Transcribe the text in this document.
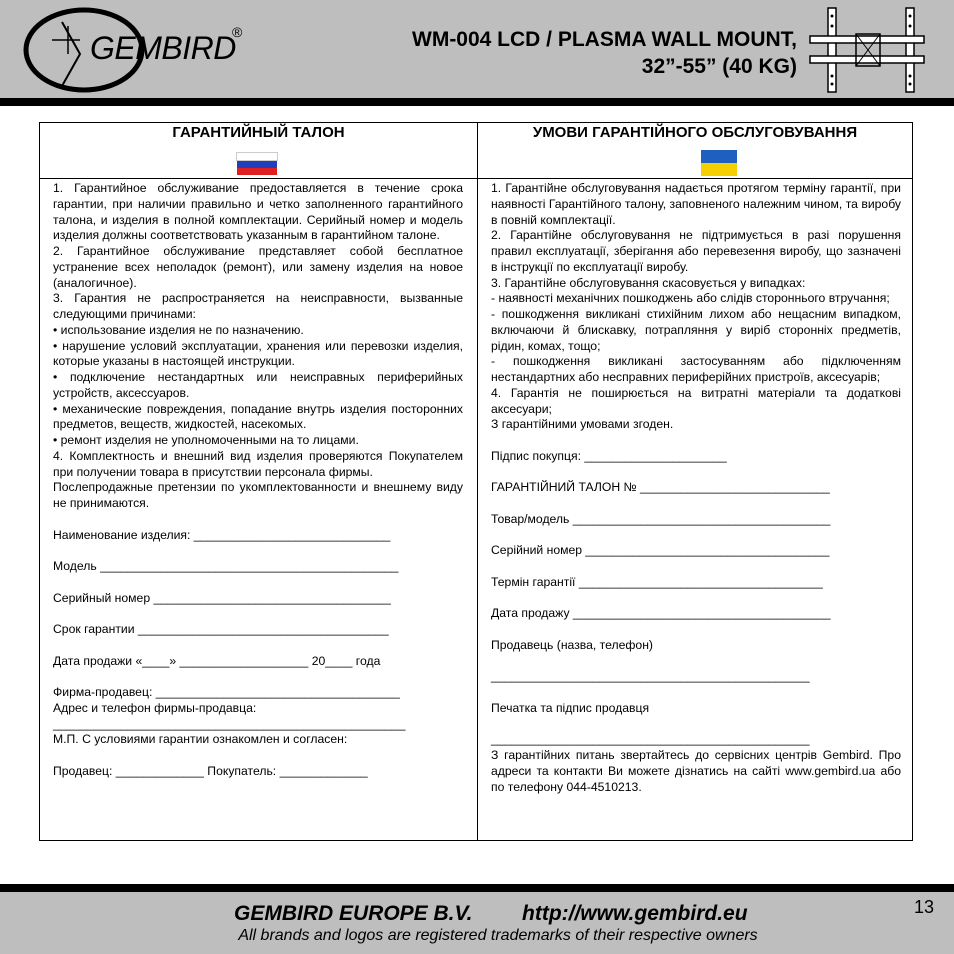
GEMBIRD
®	WM-004 LCD / PLASMA WALL MOUNT,
32”-55” (40 KG)
ГАРАНТИЙНЫЙ ТАЛОН	УМОВИ ГАРАНТІЙНОГО ОБСЛУГОВУВАННЯ

1. Гарантийное обслуживание предоставляется в течение срока гарантии, при наличии правильно и четко заполненного гарантийного талона, и изделия в полной комплектации. Серийный номер и модель изделия должны соответствовать указанным в гарантийном талоне.

2. Гарантийное обслуживание представляет собой бесплатное устранение всех неполадок (ремонт), или замену изделия на новое (аналогичное).

3. Гарантия не распространяется на неисправности, вызванные следующими причинами:

• использование изделия не по назначению.

• нарушение условий эксплуатации, хранения или перевозки изделия, которые указаны в настоящей инструкции.

• подключение нестандартных или неисправных периферийных устройств, аксессуаров.

• механические повреждения, попадание внутрь изделия посторонних предметов, веществ, жидкостей, насекомых.

• ремонт изделия не уполномоченными на то лицами.

4. Комплектность и внешний вид изделия проверяются Покупателем при получении товара в присутствии персонала фирмы.

Послепродажные претензии по укомплектованности и внешнему виду не принимаются.

Наименование изделия: _____________________________

Модель ____________________________________________

Серийный номер ___________________________________

Срок гарантии _____________________________________

Дата продажи «____» ___________________ 20____ года

Фирма-продавец: ____________________________________

Адрес и телефон фирмы-продавца:

____________________________________________________

М.П. С условиями гарантии ознакомлен и согласен:

Продавец: _____________ Покупатель: _____________

1. Гарантійне обслуговування надається протягом терміну гарантії, при наявності Гарантійного талону, заповненого належним чином, та виробу в повній комплектації.

2. Гарантійне обслуговування не підтримується в разі порушення правил експлуатації, зберігання або перевезення виробу, що зазначені в інструкції по експлуатації виробу.

3. Гарантійне обслуговування скасовується у випадках:

- наявності механічних пошкоджень або слідів стороннього втручання;

- пошкодження викликані стихійним лихом або нещасним випадком, включаючи й блискавку, потрапляння у виріб сторонніх предметів, рідин, комах, тощо;

- пошкодження викликані застосуванням або підключенням нестандартних або несправних периферійних пристроїв, аксесуарів;

4. Гарантія не поширюється на витратні матеріали та додаткові аксесуари;

З гарантійними умовами згоден.

Підпис покупця: _____________________

ГАРАНТІЙНИЙ ТАЛОН № ____________________________

Товар/модель ______________________________________

Серійний номер ____________________________________

Термін гарантії ____________________________________

Дата продажу ______________________________________

Продавець (назва, телефон)

_______________________________________________

Печатка та підпис продавця

_______________________________________________

З гарантійних питань звертайтесь до сервісних центрів Gembird. Про адреси та контакти Ви можете дізнатись на сайті www.gembird.ua або по телефону 044-4510213.

GEMBIRD EUROPE B.V. http://www.gembird.eu
All brands and logos are registered trademarks of their respective owners
13
